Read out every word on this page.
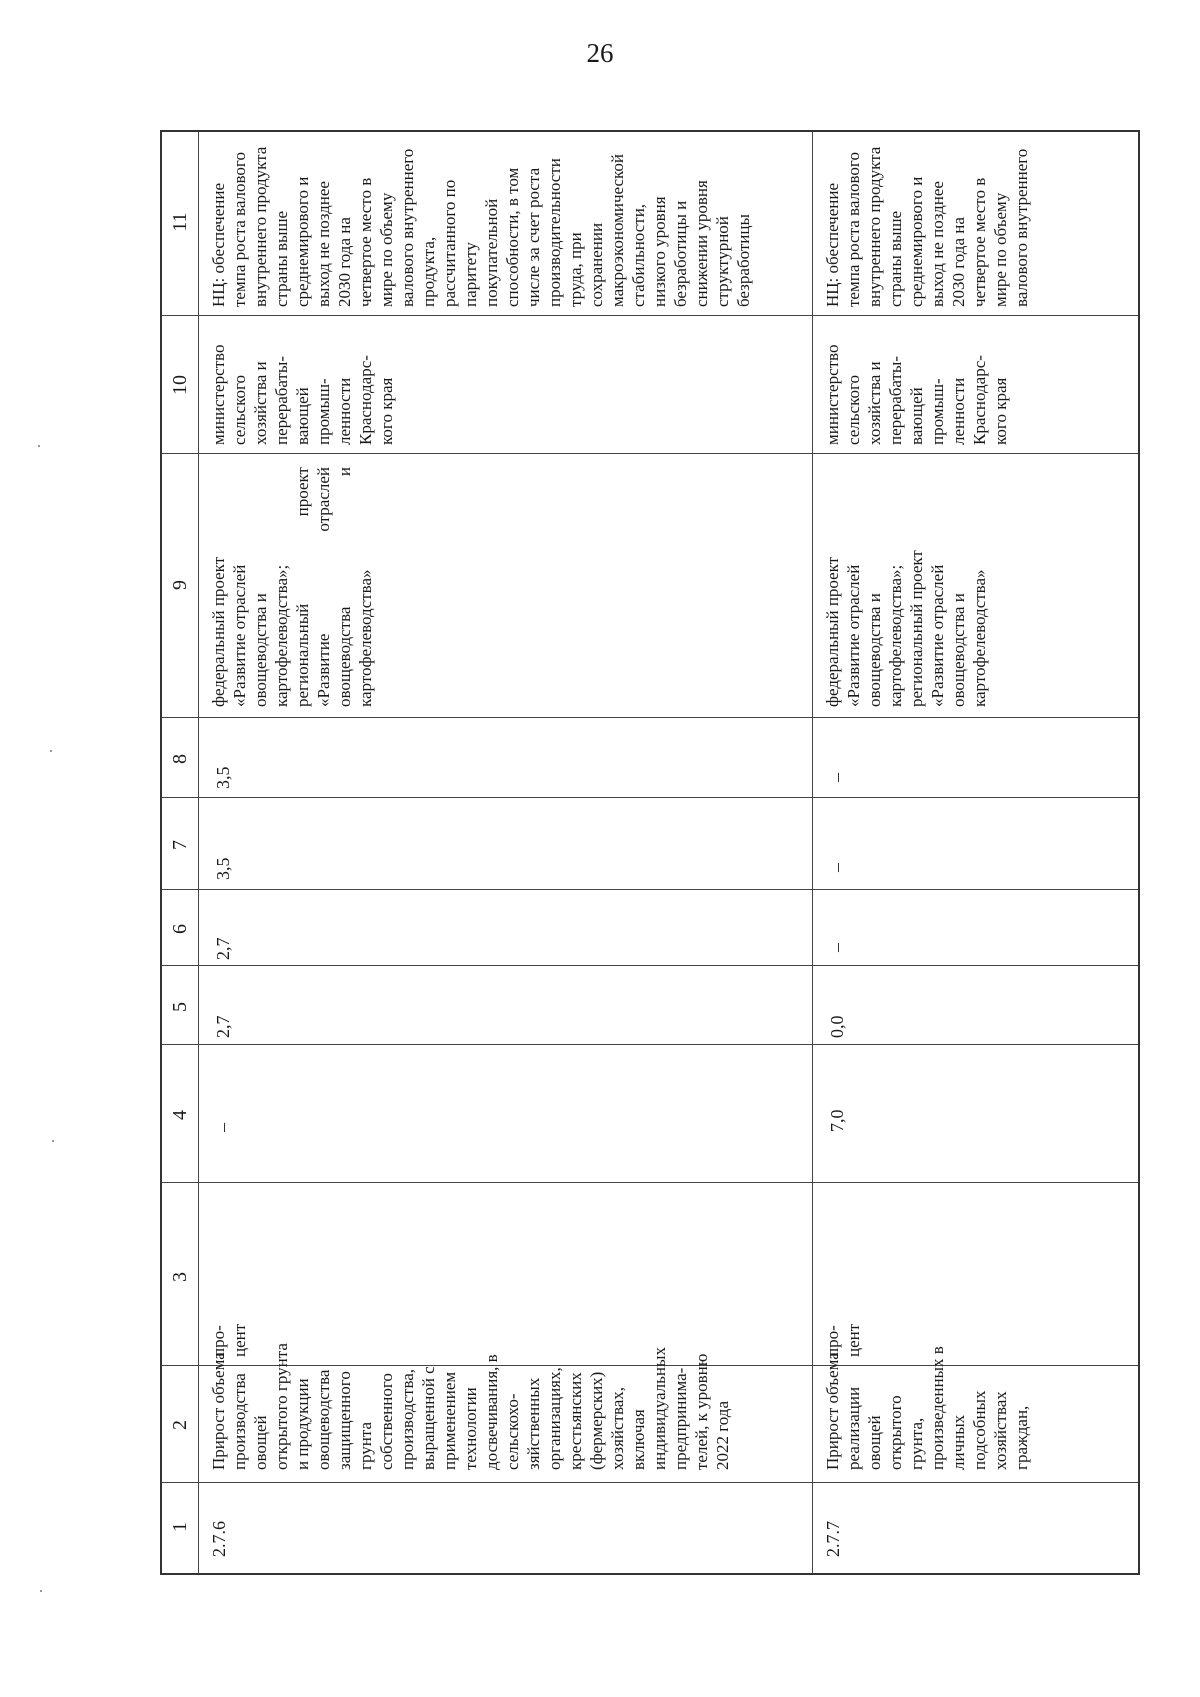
26
1
2
3
4
5
6
7
8
9
10
11
2.7.6
Прирост объема производства овощей открытого грунта и продукции овощеводства защищенного грунта собственного производства, выращенной с применением технологии досвечивания, в сельскохо- зяйственных организациях, крестьянских (фермерских) хозяйствах, включая индивидуальных предпринима- телей, к уровню 2022 года
про- цент
–
2,7
2,7
3,5
3,5
федеральный проект «Развитие отраслей овощеводства и картофелеводства»; региональный
проект
«Развитие
отраслей
овощеводства
и
картофелеводства»
министерство сельского хозяйства и перерабаты- вающей промыш- ленности Краснодарс- кого края
НЦ: обеспечение темпа роста валового внутреннего продукта страны выше среднемирового и выход не позднее 2030 года на четвертое место в мире по объему валового внутреннего продукта, рассчитанного по паритету покупательной способности, в том числе за счет роста производительности труда, при сохранении макроэкономической стабильности, низкого уровня безработицы и снижении уровня структурной безработицы
2.7.7
Прирост объема реализации овощей открытого грунта, произведенных в личных подсобных хозяйствах граждан,
про- цент
7,0
0,0
–
–
–
федеральный проект «Развитие отраслей овощеводства и картофелеводства»; региональный проект «Развитие отраслей овощеводства и картофелеводства»
министерство сельского хозяйства и перерабаты- вающей промыш- ленности Краснодарс- кого края
НЦ: обеспечение темпа роста валового внутреннего продукта страны выше среднемирового и выход не позднее 2030 года на четвертое место в мире по объему валового внутреннего
